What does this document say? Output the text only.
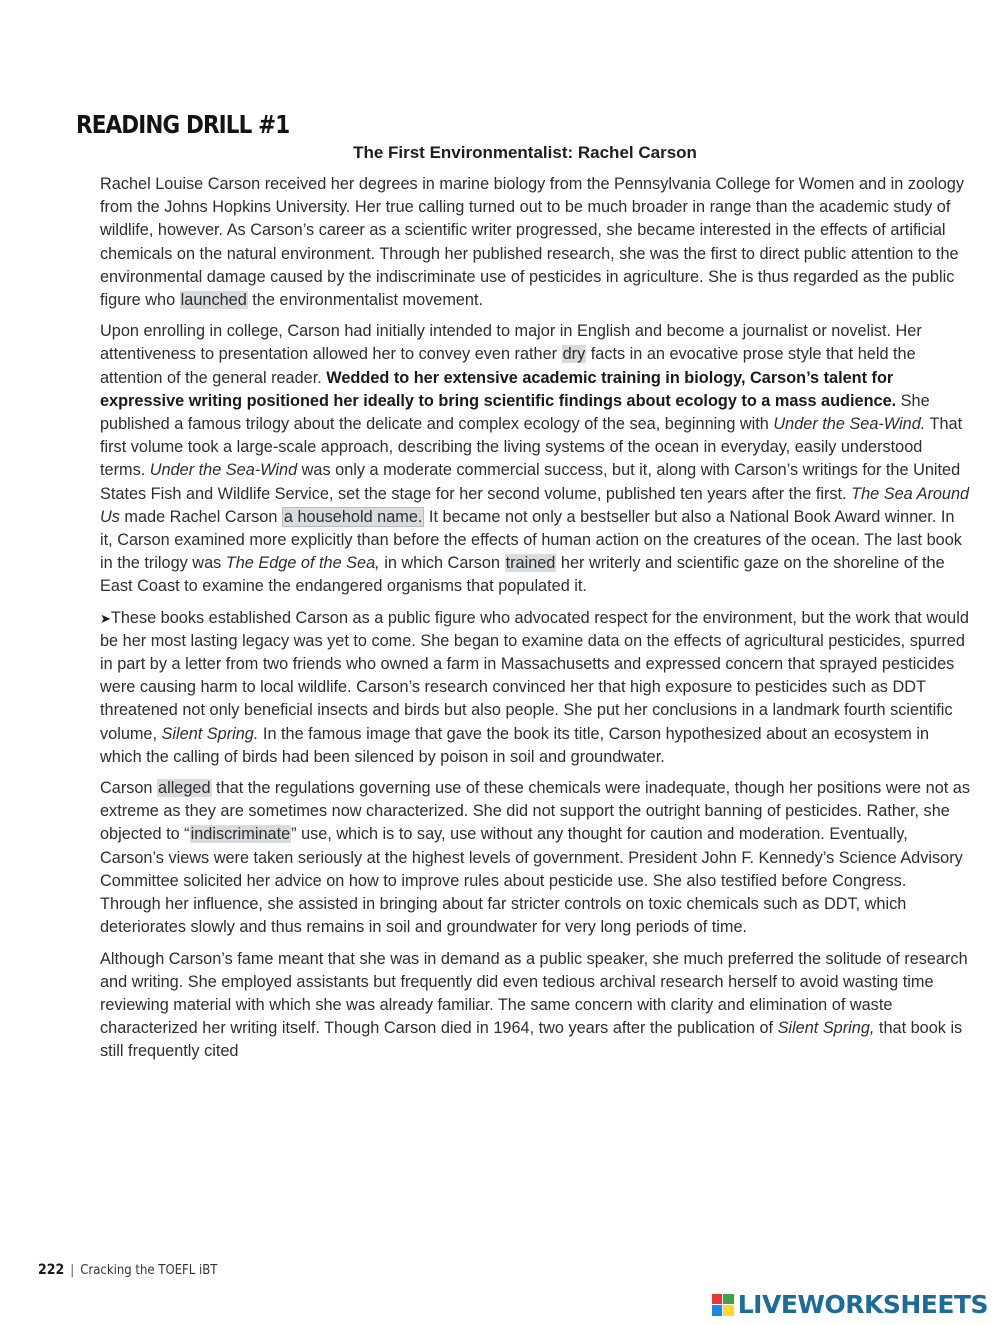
READING DRILL #1
The First Environmentalist: Rachel Carson

Rachel Louise Carson received her degrees in marine biology from the Pennsylvania College for Women and in zoology from the Johns Hopkins University. Her true calling turned out to be much broader in range than the academic study of wildlife, however. As Carson’s career as a scientific writer progressed, she became interested in the effects of artificial chemicals on the natural environment. Through her published research, she was the first to direct public attention to the environmental damage caused by the indiscriminate use of pesticides in agriculture. She is thus regarded as the public figure who launched the environmentalist movement.

Upon enrolling in college, Carson had initially intended to major in English and become a journalist or novelist. Her attentiveness to presentation allowed her to convey even rather dry facts in an evocative prose style that held the attention of the general reader. Wedded to her extensive academic training in biology, Carson’s talent for expressive writing positioned her ideally to bring scientific findings about ecology to a mass audience. She published a famous trilogy about the delicate and complex ecology of the sea, beginning with Under the Sea-Wind. That first volume took a large-scale approach, describing the living systems of the ocean in everyday, easily understood terms. Under the Sea-Wind was only a moderate commercial success, but it, along with Carson’s writings for the United States Fish and Wildlife Service, set the stage for her second volume, published ten years after the first. The Sea Around Us made Rachel Carson a household name. It became not only a bestseller but also a National Book Award winner. In it, Carson examined more explicitly than before the effects of human action on the creatures of the ocean. The last book in the trilogy was The Edge of the Sea, in which Carson trained her writerly and scientific gaze on the shoreline of the East Coast to examine the endangered organisms that populated it.

➤These books established Carson as a public figure who advocated respect for the environment, but the work that would be her most lasting legacy was yet to come. She began to examine data on the effects of agricultural pesticides, spurred in part by a letter from two friends who owned a farm in Massachusetts and expressed concern that sprayed pesticides were causing harm to local wildlife. Carson’s research convinced her that high exposure to pesticides such as DDT threatened not only beneficial insects and birds but also people. She put her conclusions in a landmark fourth scientific volume, Silent Spring. In the famous image that gave the book its title, Carson hypothesized about an ecosystem in which the calling of birds had been silenced by poison in soil and groundwater.

Carson alleged that the regulations governing use of these chemicals were inadequate, though her positions were not as extreme as they are sometimes now characterized. She did not support the outright banning of pesticides. Rather, she objected to “indiscriminate” use, which is to say, use without any thought for caution and moderation. Eventually, Carson’s views were taken seriously at the highest levels of government. President John F. Kennedy’s Science Advisory Committee solicited her advice on how to improve rules about pesticide use. She also testified before Congress. Through her influence, she assisted in bringing about far stricter controls on toxic chemicals such as DDT, which deteriorates slowly and thus remains in soil and groundwater for very long periods of time.

Although Carson’s fame meant that she was in demand as a public speaker, she much preferred the solitude of research and writing. She employed assistants but frequently did even tedious archival research herself to avoid wasting time reviewing material with which she was already familiar. The same concern with clarity and elimination of waste characterized her writing itself. Though Carson died in 1964, two years after the publication of Silent Spring, that book is still frequently cited

222 | Cracking the TOEFL iBT
LIVEWORKSHEETS
